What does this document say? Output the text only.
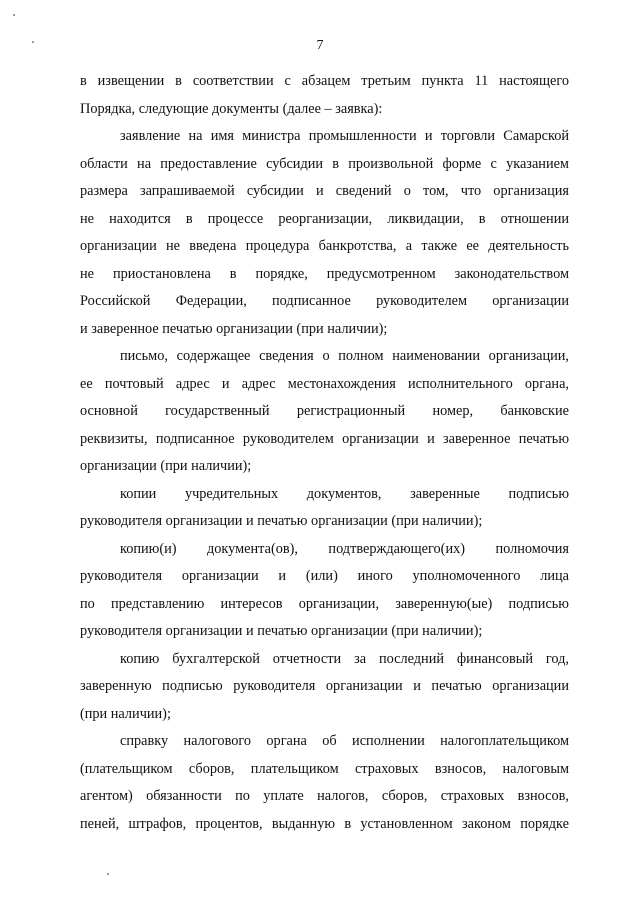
7

в извещении в соответствии с абзацем третьим пункта 11 настоящего
Порядка, следующие документы (далее – заявка):

заявление на имя министра промышленности и торговли Самарской
области на предоставление субсидии в произвольной форме с указанием
размера запрашиваемой субсидии и сведений о том, что организация
не находится в процессе реорганизации, ликвидации, в отношении
организации не введена процедура банкротства, а также ее деятельность
не приостановлена в порядке, предусмотренном законодательством
Российской Федерации, подписанное руководителем организации
и заверенное печатью организации (при наличии);

письмо, содержащее сведения о полном наименовании организации,
ее почтовый адрес и адрес местонахождения исполнительного органа,
основной государственный регистрационный номер, банковские
реквизиты, подписанное руководителем организации и заверенное печатью
организации (при наличии);

копии учредительных документов, заверенные подписью
руководителя организации и печатью организации (при наличии);

копию(и) документа(ов), подтверждающего(их) полномочия
руководителя организации и (или) иного уполномоченного лица
по представлению интересов организации, заверенную(ые) подписью
руководителя организации и печатью организации (при наличии);

копию бухгалтерской отчетности за последний финансовый год,
заверенную подписью руководителя организации и печатью организации
(при наличии);

справку налогового органа об исполнении налогоплательщиком
(плательщиком сборов, плательщиком страховых взносов, налоговым
агентом) обязанности по уплате налогов, сборов, страховых взносов,
пеней, штрафов, процентов, выданную в установленном законом порядке
